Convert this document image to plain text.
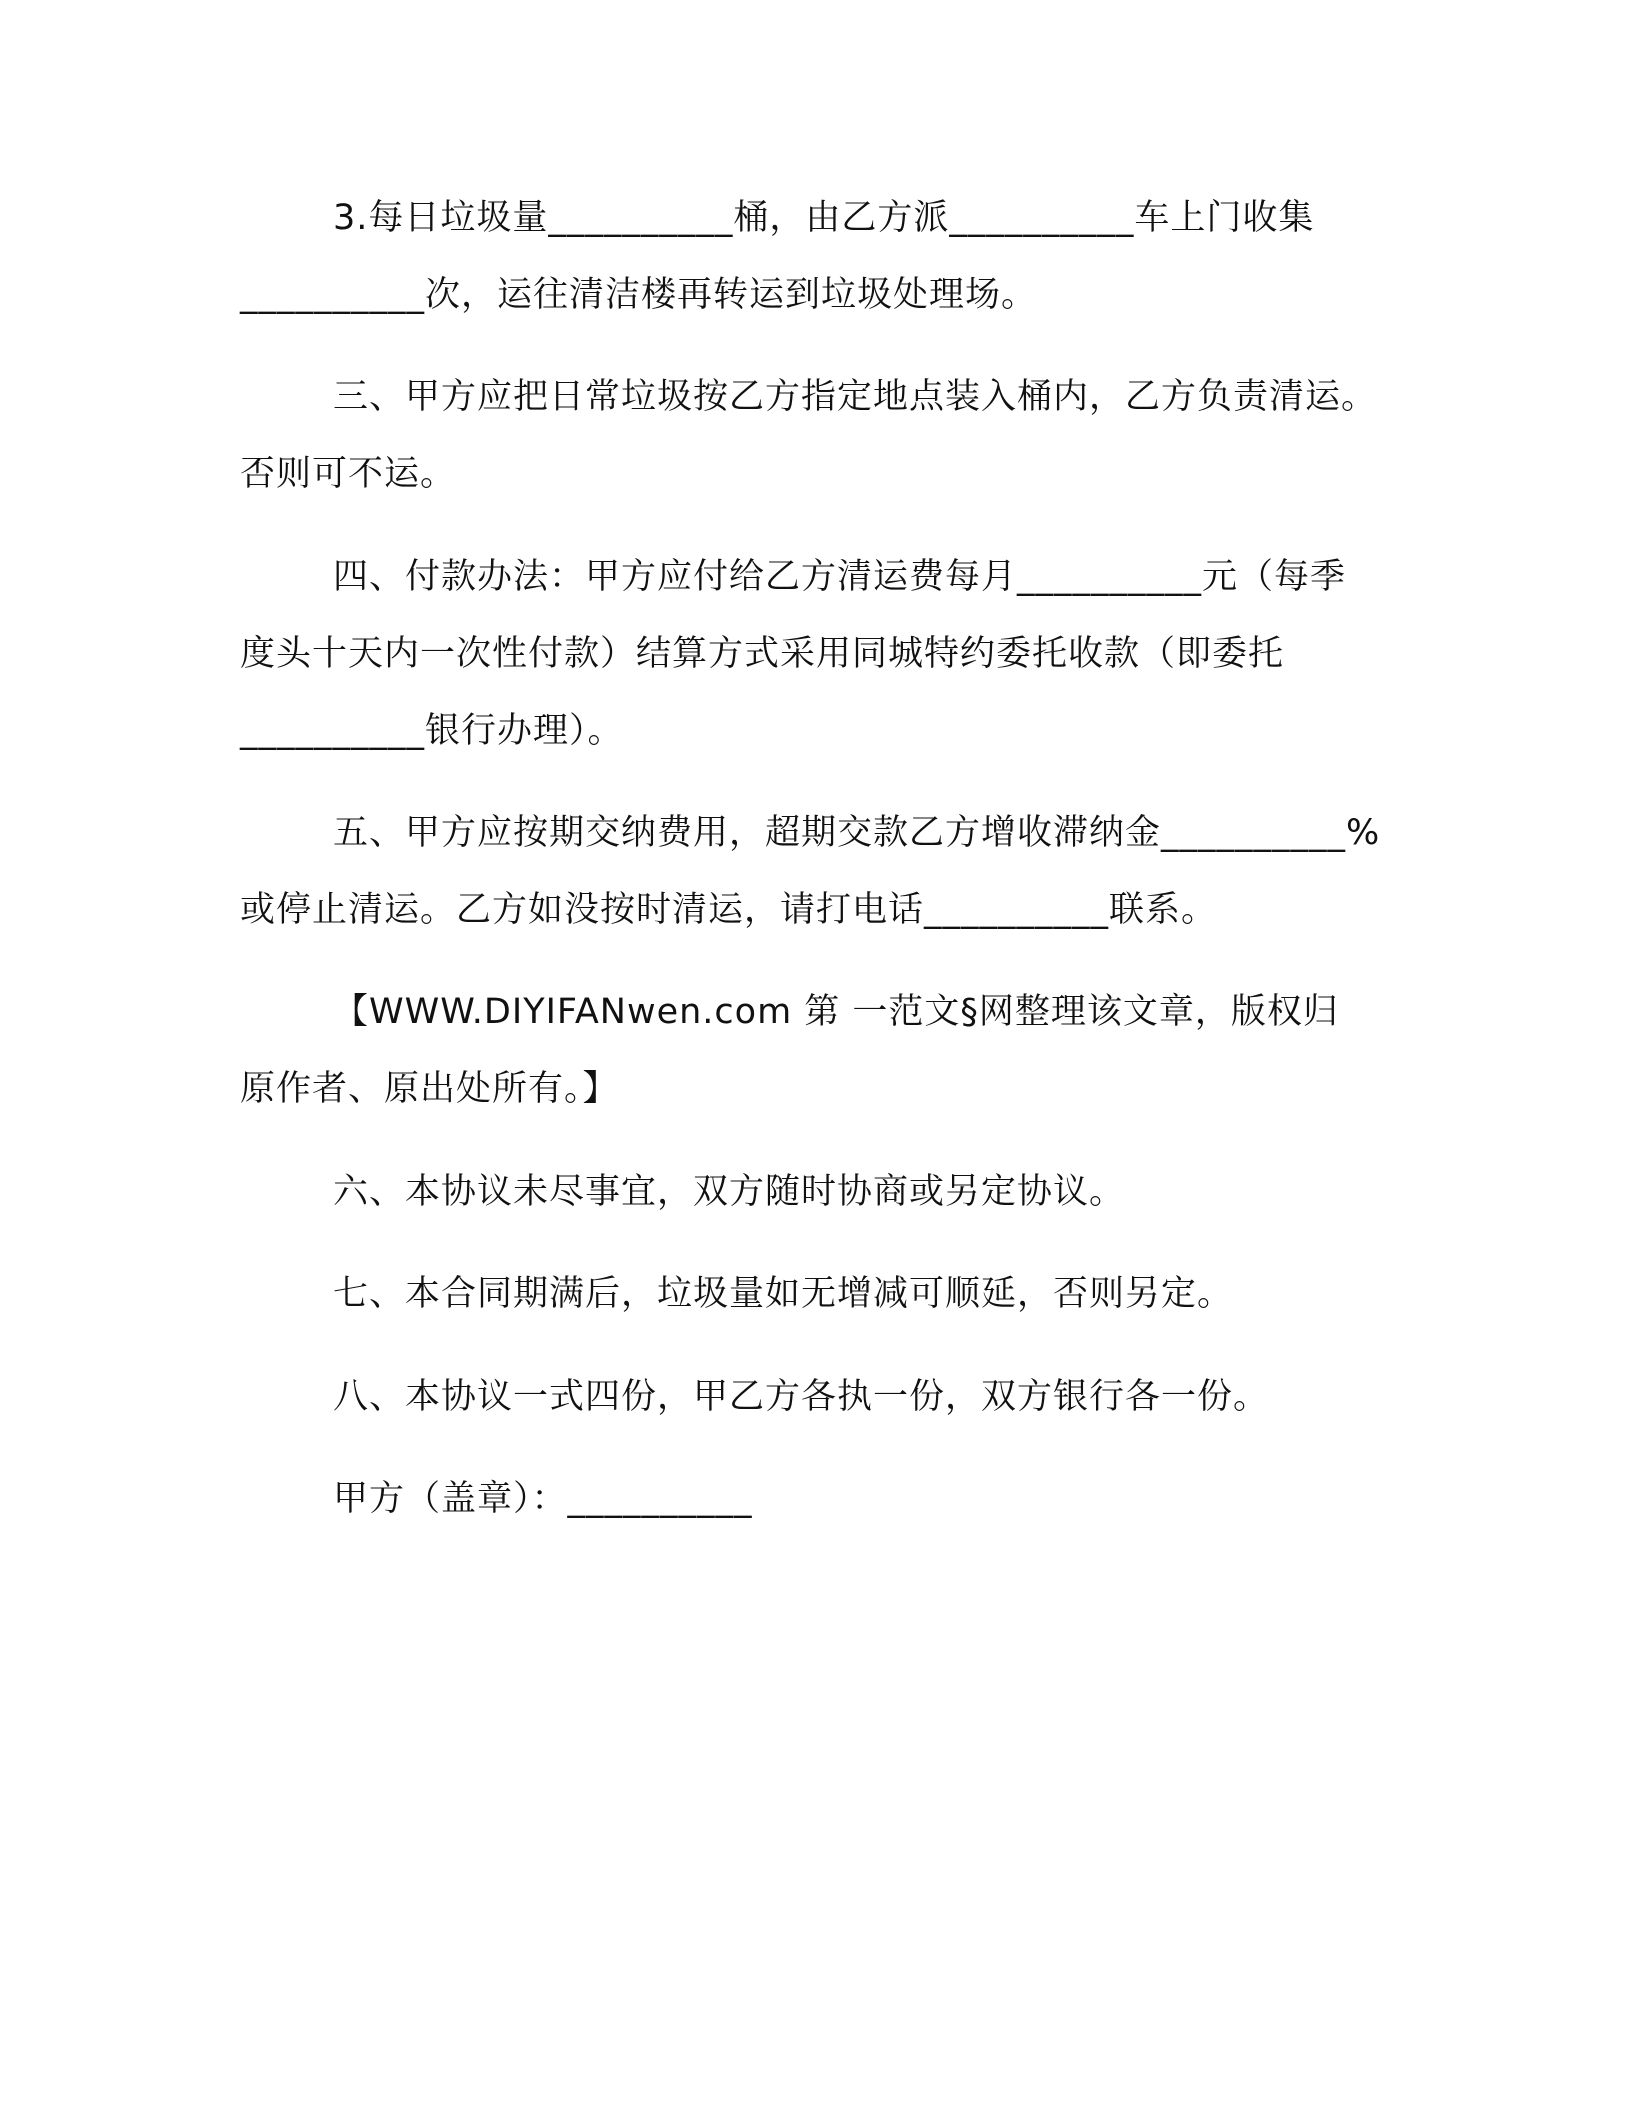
3.每日垃圾量__________桶，由乙方派__________车上门收集
__________次，运往清洁楼再转运到垃圾处理场。
三、甲方应把日常垃圾按乙方指定地点装入桶内，乙方负责清运。
否则可不运。
四、付款办法：甲方应付给乙方清运费每月__________元（每季
度头十天内一次性付款）结算方式采用同城特约委托收款（即委托
__________银行办理）。
五、甲方应按期交纳费用，超期交款乙方增收滞纳金__________%
或停止清运。乙方如没按时清运，请打电话__________联系。
【WWW.DIYIFANwen.com 第 一范文§网整理该文章，版权归
原作者、原出处所有。】
六、本协议未尽事宜，双方随时协商或另定协议。
七、本合同期满后，垃圾量如无增减可顺延，否则另定。
八、本协议一式四份，甲乙方各执一份，双方银行各一份。
甲方（盖章）：__________
